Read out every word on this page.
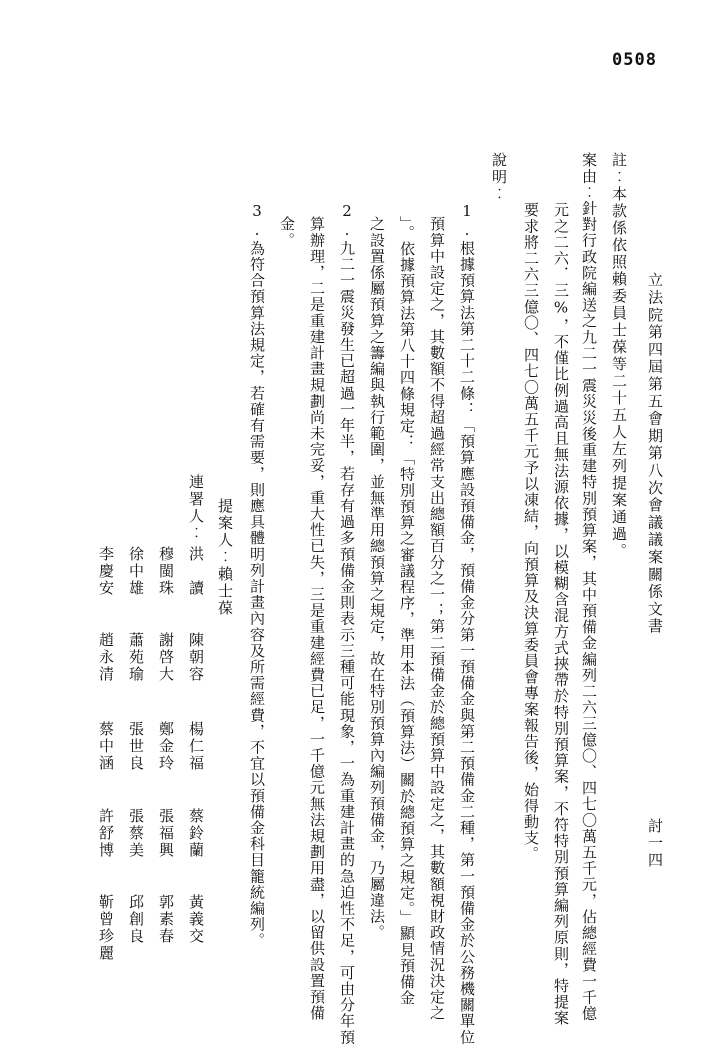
0508
立法院第四屆第五會期第八次會議議案關係文書
討一四
註︰本款係依照賴委員士葆等二十五人左列提案通過。
案由︰針對行政院編送之九二一震災災後重建特別預算案，其中預備金編列二六三億〇、四七〇萬五千元，佔總經費一千億
元之二六．三%，不僅比例過高且無法源依據，以模糊含混方式挾帶於特別預算案，不符特別預算編列原則，特提案
要求將二六三億〇、四七〇萬五千元予以凍結，向預算及決算委員會專案報告後，始得動支。
說明︰
1.根據預算法第二十二條：「預算應設預備金，預備金分第一預備金與第二預備金二種，第一預備金於公務機關單位
預算中設定之，其數額不得超過經常支出總額百分之一；第二預備金於總預算中設定之，其數額視財政情況決定之
」。依據預算法第八十四條規定：「特別預算之審議程序，準用本法（預算法）關於總預算之規定。」顯見預備金
之設置係屬預算之籌編與執行範圍，並無準用總預算之規定，故在特別預算內編列預備金，乃屬違法。
2.九二一震災發生已超過一年半，若存有過多預備金則表示三種可能現象，一為重建計畫的急迫性不足，可由分年預
算辦理，二是重建計畫規劃尚未完妥，重大性已失，三是重建經費已足，一千億元無法規劃用盡，以留供設置預備
金。
3.為符合預算法規定，若確有需要，則應具體明列計畫內容及所需經費，不宜以預備金科目籠統編列。
提案人︰
賴士葆
連署人︰
洪　讀
陳朝容
楊仁福
蔡鈴蘭
黃義交
穆閩珠
謝啓大
鄭金玲
張福興
郭素春
徐中雄
蕭苑瑜
張世良
張蔡美
邱創良
李慶安
趙永清
蔡中涵
許舒博
靳曾珍麗
